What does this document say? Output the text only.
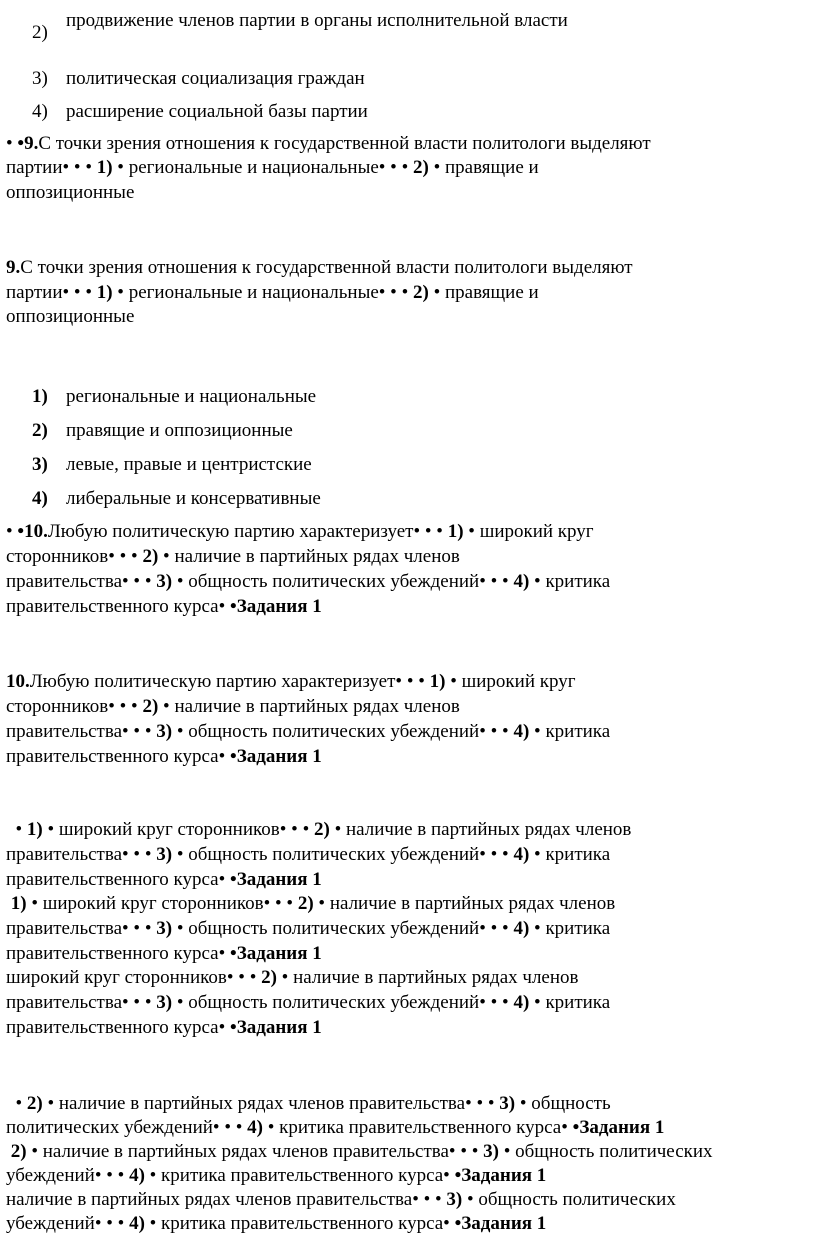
2)
продвижение членов партии в органы исполнительной власти
3) политическая социализация граждан
4) расширение социальной базы партии
• •9.С точки зрения отношения к государственной власти политологи выделяют
партии• • • 1) • региональные и национальные• • • 2) • правящие и
оппозиционные
9.С точки зрения отношения к государственной власти политологи выделяют
партии• • • 1) • региональные и национальные• • • 2) • правящие и
оппозиционные
1) региональные и национальные
2) правящие и оппозиционные
3) левые, правые и центристские
4) либеральные и консервативные
• •10.Любую политическую партию характеризует• • • 1) • широкий круг
сторонников• • • 2) • наличие в партийных рядах членов
правительства• • • 3) • общность политических убеждений• • • 4) • критика
правительственного курса• •Задания 1
10.Любую политическую партию характеризует• • • 1) • широкий круг
сторонников• • • 2) • наличие в партийных рядах членов
правительства• • • 3) • общность политических убеждений• • • 4) • критика
правительственного курса• •Задания 1
• 1) • широкий круг сторонников• • • 2) • наличие в партийных рядах членов
правительства• • • 3) • общность политических убеждений• • • 4) • критика
правительственного курса• •Задания 1
1) • широкий круг сторонников• • • 2) • наличие в партийных рядах членов
правительства• • • 3) • общность политических убеждений• • • 4) • критика
правительственного курса• •Задания 1
широкий круг сторонников• • • 2) • наличие в партийных рядах членов
правительства• • • 3) • общность политических убеждений• • • 4) • критика
правительственного курса• •Задания 1
• 2) • наличие в партийных рядах членов правительства• • • 3) • общность
политических убеждений• • • 4) • критика правительственного курса• •Задания 1
2) • наличие в партийных рядах членов правительства• • • 3) • общность политических
убеждений• • • 4) • критика правительственного курса• •Задания 1
наличие в партийных рядах членов правительства• • • 3) • общность политических
убеждений• • • 4) • критика правительственного курса• •Задания 1
